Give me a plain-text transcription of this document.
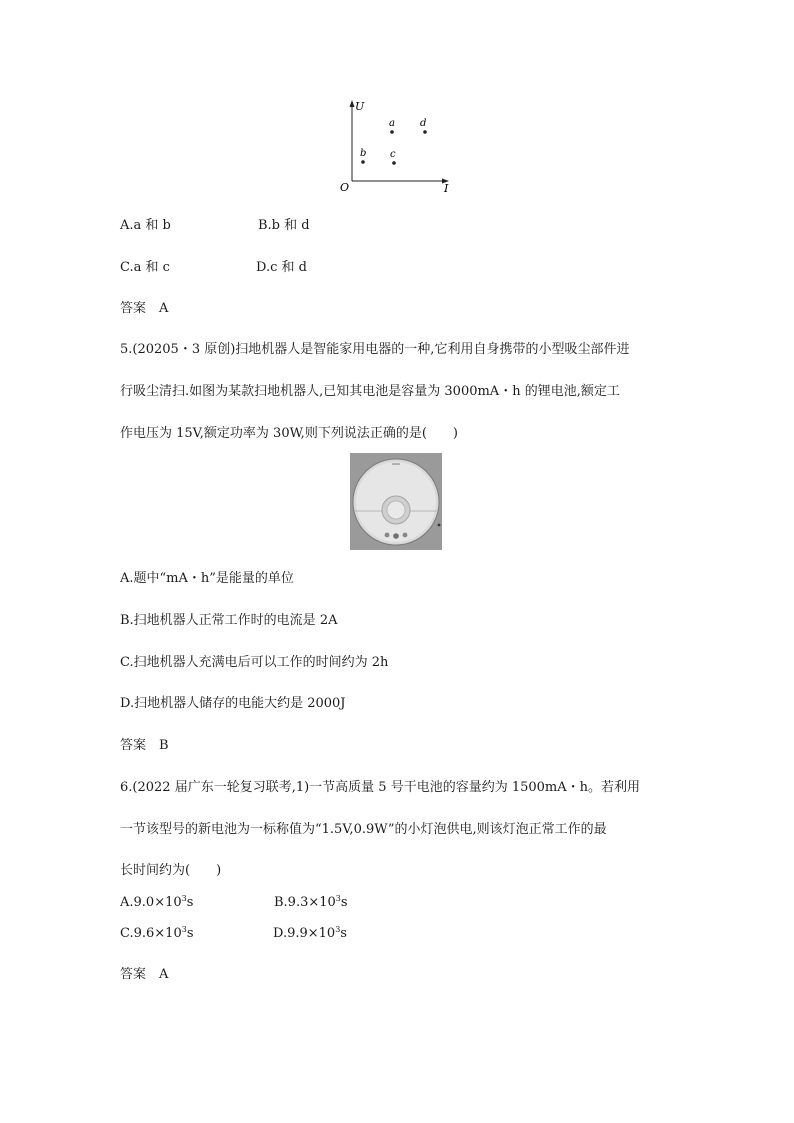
U
O	I
a
b c
d
A.a 和 b	B.b 和 d
C.a 和 c	D.c 和 d
答案　A
5.(20205・3 原创)扫地机器人是智能家用电器的一种,它利用自身携带的小型吸尘部件进
行吸尘清扫.如图为某款扫地机器人,已知其电池是容量为 3000mA・h 的锂电池,额定工
作电压为 15V,额定功率为 30W,则下列说法正确的是(　　)
A.题中“mA・h”是能量的单位
B.扫地机器人正常工作时的电流是 2A
C.扫地机器人充满电后可以工作的时间约为 2h
D.扫地机器人储存的电能大约是 2000J
答案　B
6.(2022 届广东一轮复习联考,1)一节高质量 5 号干电池的容量约为 1500mA・h。若利用
一节该型号的新电池为一标称值为“1.5V,0.9W”的小灯泡供电,则该灯泡正常工作的最
长时间约为(　　)
$A.9.0\times 10^3s$	$B.9.3\times 10^3s$
$C.9.6\times 10^3s$	$D.9.9\times 10^3s$
答案　A
